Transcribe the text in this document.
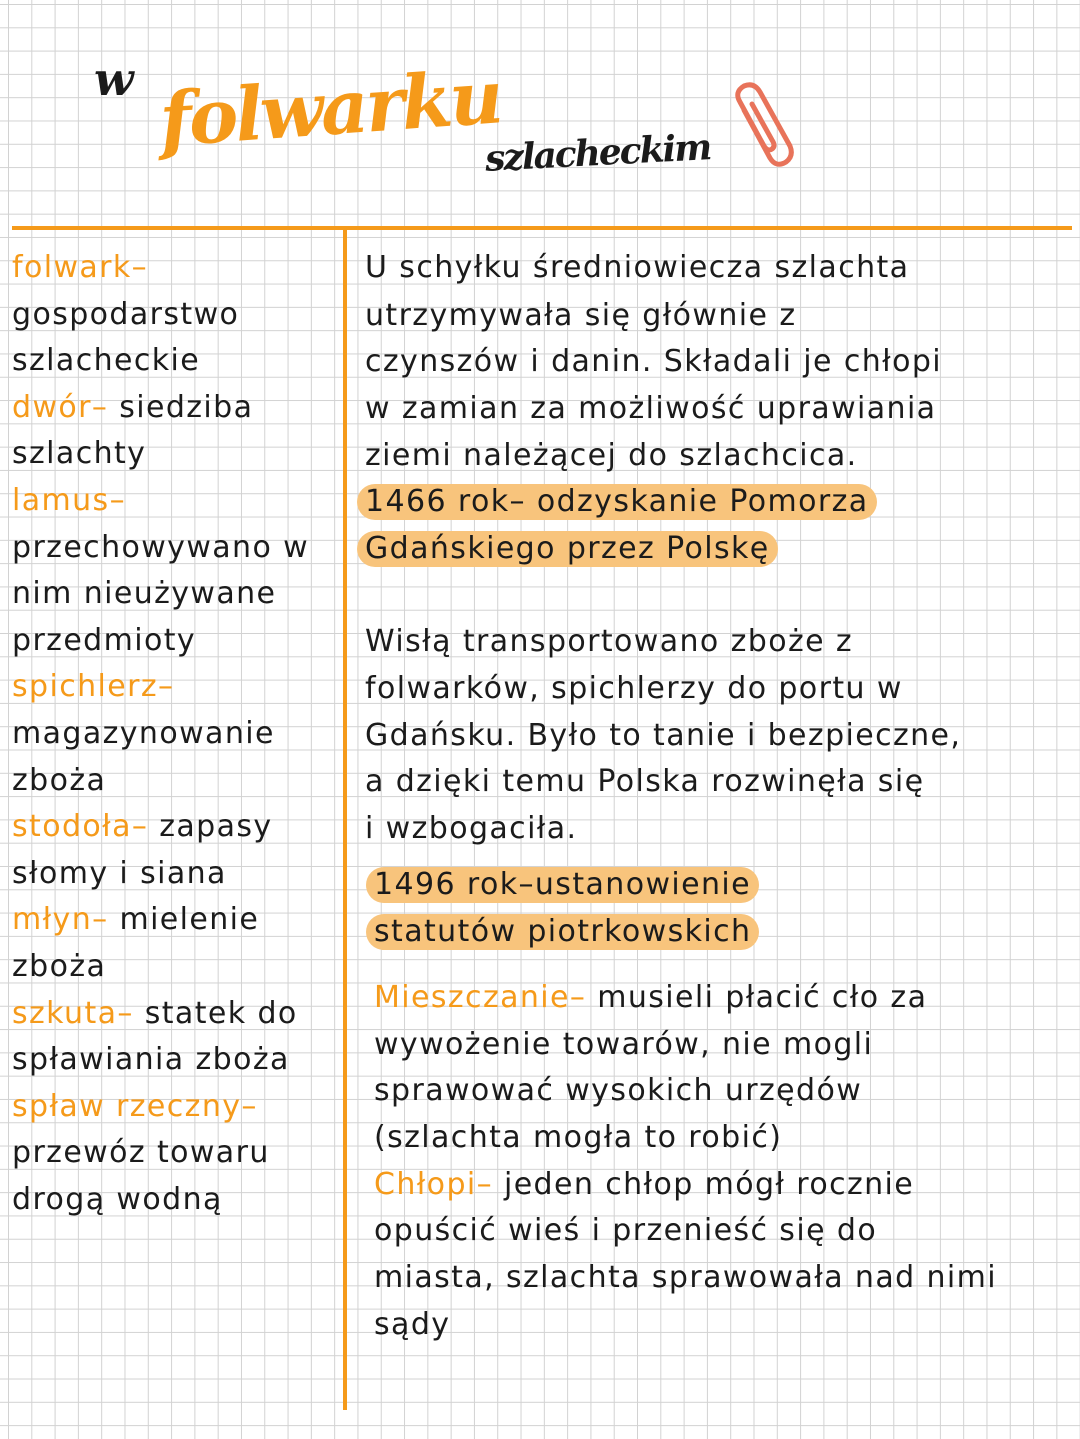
w folwarku
szlacheckim
folwark–
gospodarstwo
szlacheckie
dwór– siedziba
szlachty
lamus–
przechowywano w
nim nieużywane
przedmioty
spichlerz–
magazynowanie
zboża
stodoła– zapasy
słomy i siana
młyn– mielenie
zboża
szkuta– statek do
spławiania zboża
spław rzeczny–
przewóz towaru
drogą wodną
U schyłku średniowiecza szlachta
utrzymywała się głównie z
czynszów i danin. Składali je chłopi
w zamian za możliwość uprawiania
ziemi należącej do szlachcica.
1466 rok– odzyskanie Pomorza
Gdańskiego przez Polskę
Wisłą transportowano zboże z
folwarków, spichlerzy do portu w
Gdańsku. Było to tanie i bezpieczne,
a dzięki temu Polska rozwinęła się
i wzbogaciła.
1496 rok–ustanowienie
statutów piotrkowskich
Mieszczanie– musieli płacić cło za
wywożenie towarów, nie mogli
sprawować wysokich urzędów
(szlachta mogła to robić)
Chłopi– jeden chłop mógł rocznie
opuścić wieś i przenieść się do
miasta, szlachta sprawowała nad nimi
sądy
